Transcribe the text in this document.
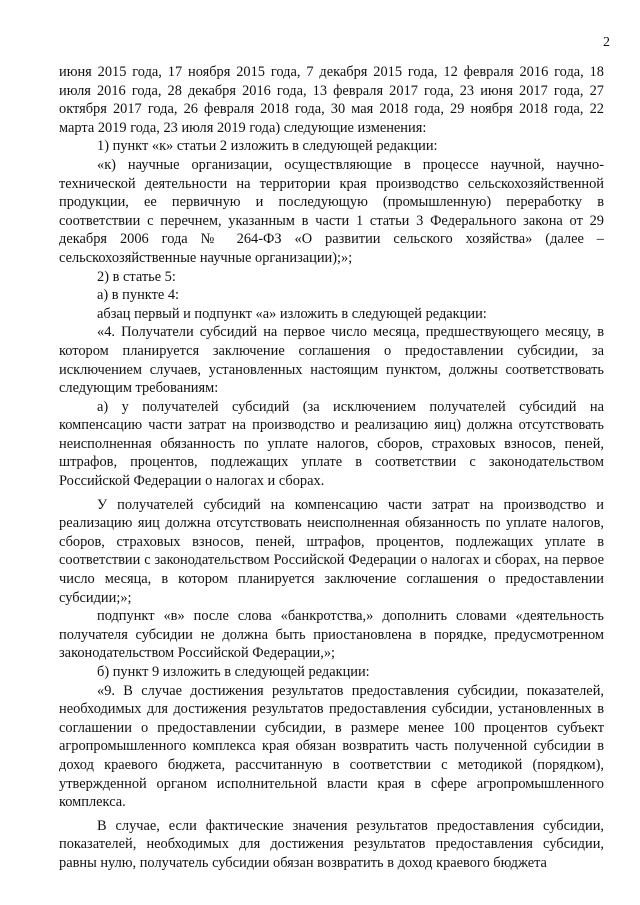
2

июня 2015 года, 17 ноября 2015 года, 7 декабря 2015 года, 12 февраля 2016 года, 18 июля 2016 года, 28 декабря 2016 года, 13 февраля 2017 года, 23 июня 2017 года, 27 октября 2017 года, 26 февраля 2018 года, 30 мая 2018 года, 29 ноября 2018 года, 22 марта 2019 года, 23 июля 2019 года) следующие изменения:

1) пункт «к» статьи 2 изложить в следующей редакции:

«к) научные организации, осуществляющие в процессе научной, научно-технической деятельности на территории края производство сельскохозяйственной продукции, ее первичную и последующую (промышленную) переработку в соответствии с перечнем, указанным в части 1 статьи 3 Федерального закона от 29 декабря 2006 года № 264-ФЗ «О развитии сельского хозяйства» (далее – сельскохозяйственные научные организации);»;

2) в статье 5:

а) в пункте 4:

абзац первый и подпункт «а» изложить в следующей редакции:

«4. Получатели субсидий на первое число месяца, предшествующего месяцу, в котором планируется заключение соглашения о предоставлении субсидии, за исключением случаев, установленных настоящим пунктом, должны соответствовать следующим требованиям:

а) у получателей субсидий (за исключением получателей субсидий на компенсацию части затрат на производство и реализацию яиц) должна отсутствовать неисполненная обязанность по уплате налогов, сборов, страховых взносов, пеней, штрафов, процентов, подлежащих уплате в соответствии с законодательством Российской Федерации о налогах и сборах.

У получателей субсидий на компенсацию части затрат на производство и реализацию яиц должна отсутствовать неисполненная обязанность по уплате налогов, сборов, страховых взносов, пеней, штрафов, процентов, подлежащих уплате в соответствии с законодательством Российской Федерации о налогах и сборах, на первое число месяца, в котором планируется заключение соглашения о предоставлении субсидии;»;

подпункт «в» после слова «банкротства,» дополнить словами «деятельность получателя субсидии не должна быть приостановлена в порядке, предусмотренном законодательством Российской Федерации,»;

б) пункт 9 изложить в следующей редакции:

«9. В случае достижения результатов предоставления субсидии, показателей, необходимых для достижения результатов предоставления субсидии, установленных в соглашении о предоставлении субсидии, в размере менее 100 процентов субъект агропромышленного комплекса края обязан возвратить часть полученной субсидии в доход краевого бюджета, рассчитанную в соответствии с методикой (порядком), утвержденной органом исполнительной власти края в сфере агропромышленного комплекса.

В случае, если фактические значения результатов предоставления субсидии, показателей, необходимых для достижения результатов предоставления субсидии, равны нулю, получатель субсидии обязан возвратить в доход краевого бюджета
